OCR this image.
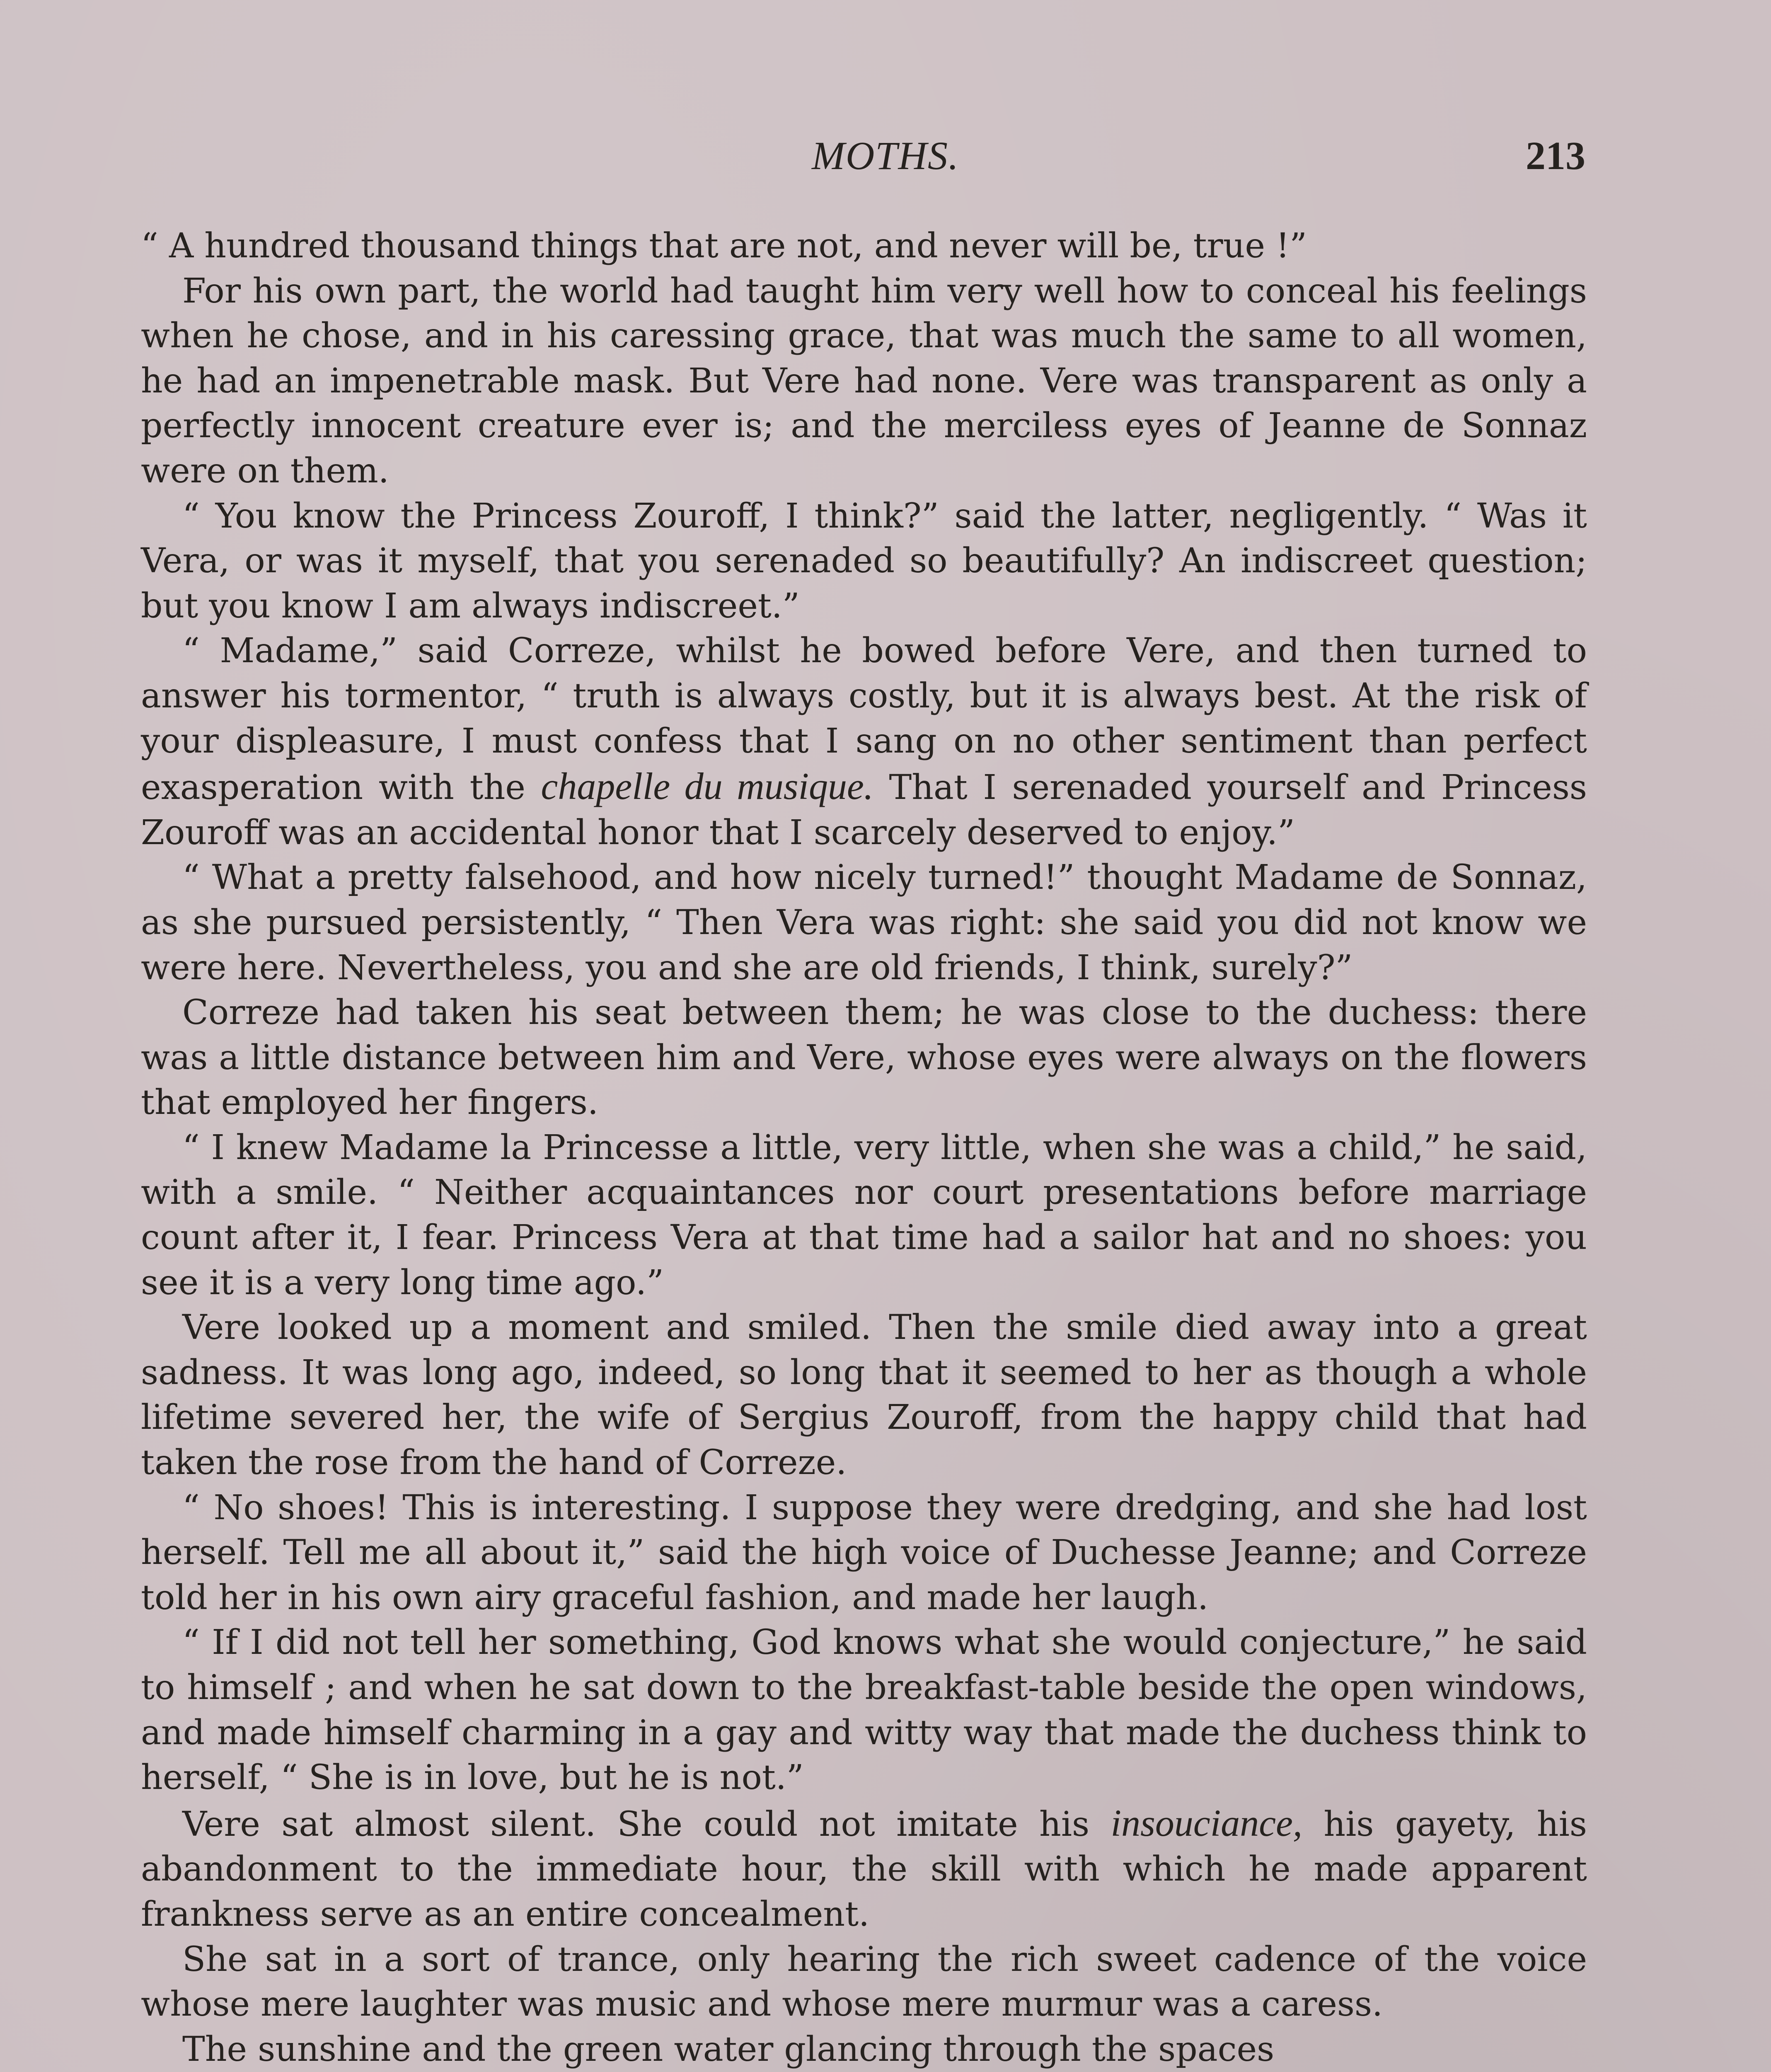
MOTHS.	213

“ A hundred thousand things that are not, and never will be, true !”

For his own part, the world had taught him very well how to conceal his feelings when he chose, and in his caressing grace, that was much the same to all women, he had an impenetrable mask. But Vere had none. Vere was transparent as only a perfectly innocent creature ever is; and the merciless eyes of Jeanne de Sonnaz were on them.

“ You know the Princess Zouroff, I think?” said the latter, negligently. “ Was it Vera, or was it myself, that you serenaded so beautifully? An indiscreet question; but you know I am always indiscreet.”

“ Madame,” said Correze, whilst he bowed before Vere, and then turned to answer his tormentor, “ truth is always costly, but it is always best. At the risk of your displeasure, I must confess that I sang on no other sentiment than perfect exasperation with the chapelle du musique. That I serenaded yourself and Princess Zouroff was an accidental honor that I scarcely deserved to enjoy.”

“ What a pretty falsehood, and how nicely turned!” thought Madame de Sonnaz, as she pursued persistently, “ Then Vera was right: she said you did not know we were here. Nevertheless, you and she are old friends, I think, surely?”

Correze had taken his seat between them; he was close to the duchess: there was a little distance between him and Vere, whose eyes were always on the flowers that employed her fingers.

“ I knew Madame la Princesse a little, very little, when she was a child,” he said, with a smile. “ Neither acquaintances nor court presentations before marriage count after it, I fear. Princess Vera at that time had a sailor hat and no shoes: you see it is a very long time ago.”

Vere looked up a moment and smiled. Then the smile died away into a great sadness. It was long ago, indeed, so long that it seemed to her as though a whole lifetime severed her, the wife of Sergius Zouroff, from the happy child that had taken the rose from the hand of Correze.

“ No shoes! This is interesting. I suppose they were dredging, and she had lost herself. Tell me all about it,” said the high voice of Duchesse Jeanne; and Correze told her in his own airy graceful fashion, and made her laugh.

“ If I did not tell her something, God knows what she would conjecture,” he said to himself ; and when he sat down to the breakfast-table beside the open windows, and made himself charming in a gay and witty way that made the duchess think to herself, “ She is in love, but he is not.”

Vere sat almost silent. She could not imitate his insouciance, his gayety, his abandonment to the immediate hour, the skill with which he made apparent frankness serve as an entire concealment.

She sat in a sort of trance, only hearing the rich sweet cadence of the voice whose mere laughter was music and whose mere murmur was a caress.

The sunshine and the green water glancing through the spaces
